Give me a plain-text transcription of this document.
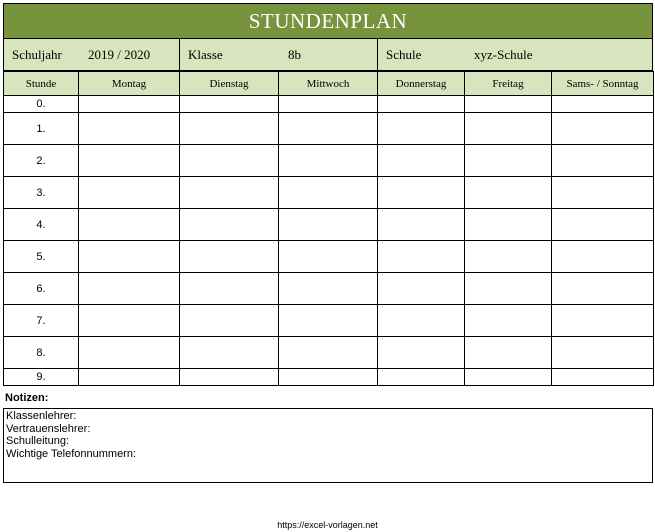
STUNDENPLAN
Schuljahr 2019 / 2020	Klasse	8b	Schule	xyz-Schule
Stunde	Montag	Dienstag	Mittwoch	Donnerstag	Freitag	Sams- / Sonntag
0.						
1.						
2.						
3.						
4.						
5.						
6.						
7.						
8.						
9.						
Notizen:
Klassenlehrer:
Vertrauenslehrer:
Schulleitung:
Wichtige Telefonnummern:
https://excel-vorlagen.net
